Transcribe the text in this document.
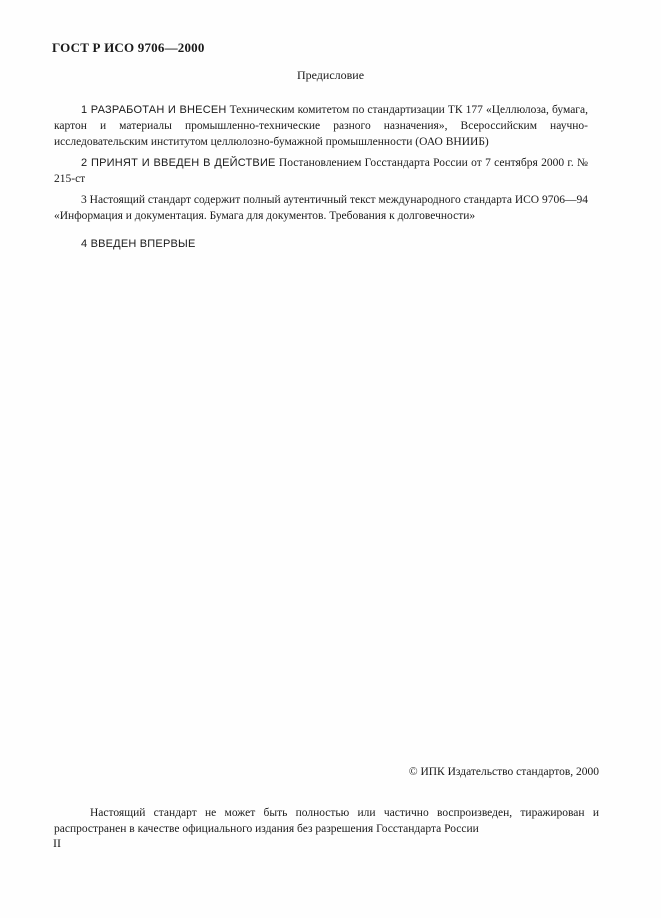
ГОСТ Р ИСО 9706—2000
Предисловие

1 РАЗРАБОТАН И ВНЕСЕН Техническим комитетом по стандартизации ТК 177 «Целлюлоза, бумага, картон и материалы промышленно-технические разного назначения», Всероссийским научно-исследовательским институтом целлюлозно-бумажной промышленности (ОАО ВНИИБ)

2 ПРИНЯТ И ВВЕДЕН В ДЕЙСТВИЕ Постановлением Госстандарта России от 7 сентября 2000 г. № 215-ст

3 Настоящий стандарт содержит полный аутентичный текст международного стандарта ИСО 9706—94 «Информация и документация. Бумага для документов. Требования к долговечности»

4 ВВЕДЕН ВПЕРВЫЕ

© ИПК Издательство стандартов, 2000

Настоящий стандарт не может быть полностью или частично воспроизведен, тиражирован и распространен в качестве официального издания без разрешения Госстандарта России

II
